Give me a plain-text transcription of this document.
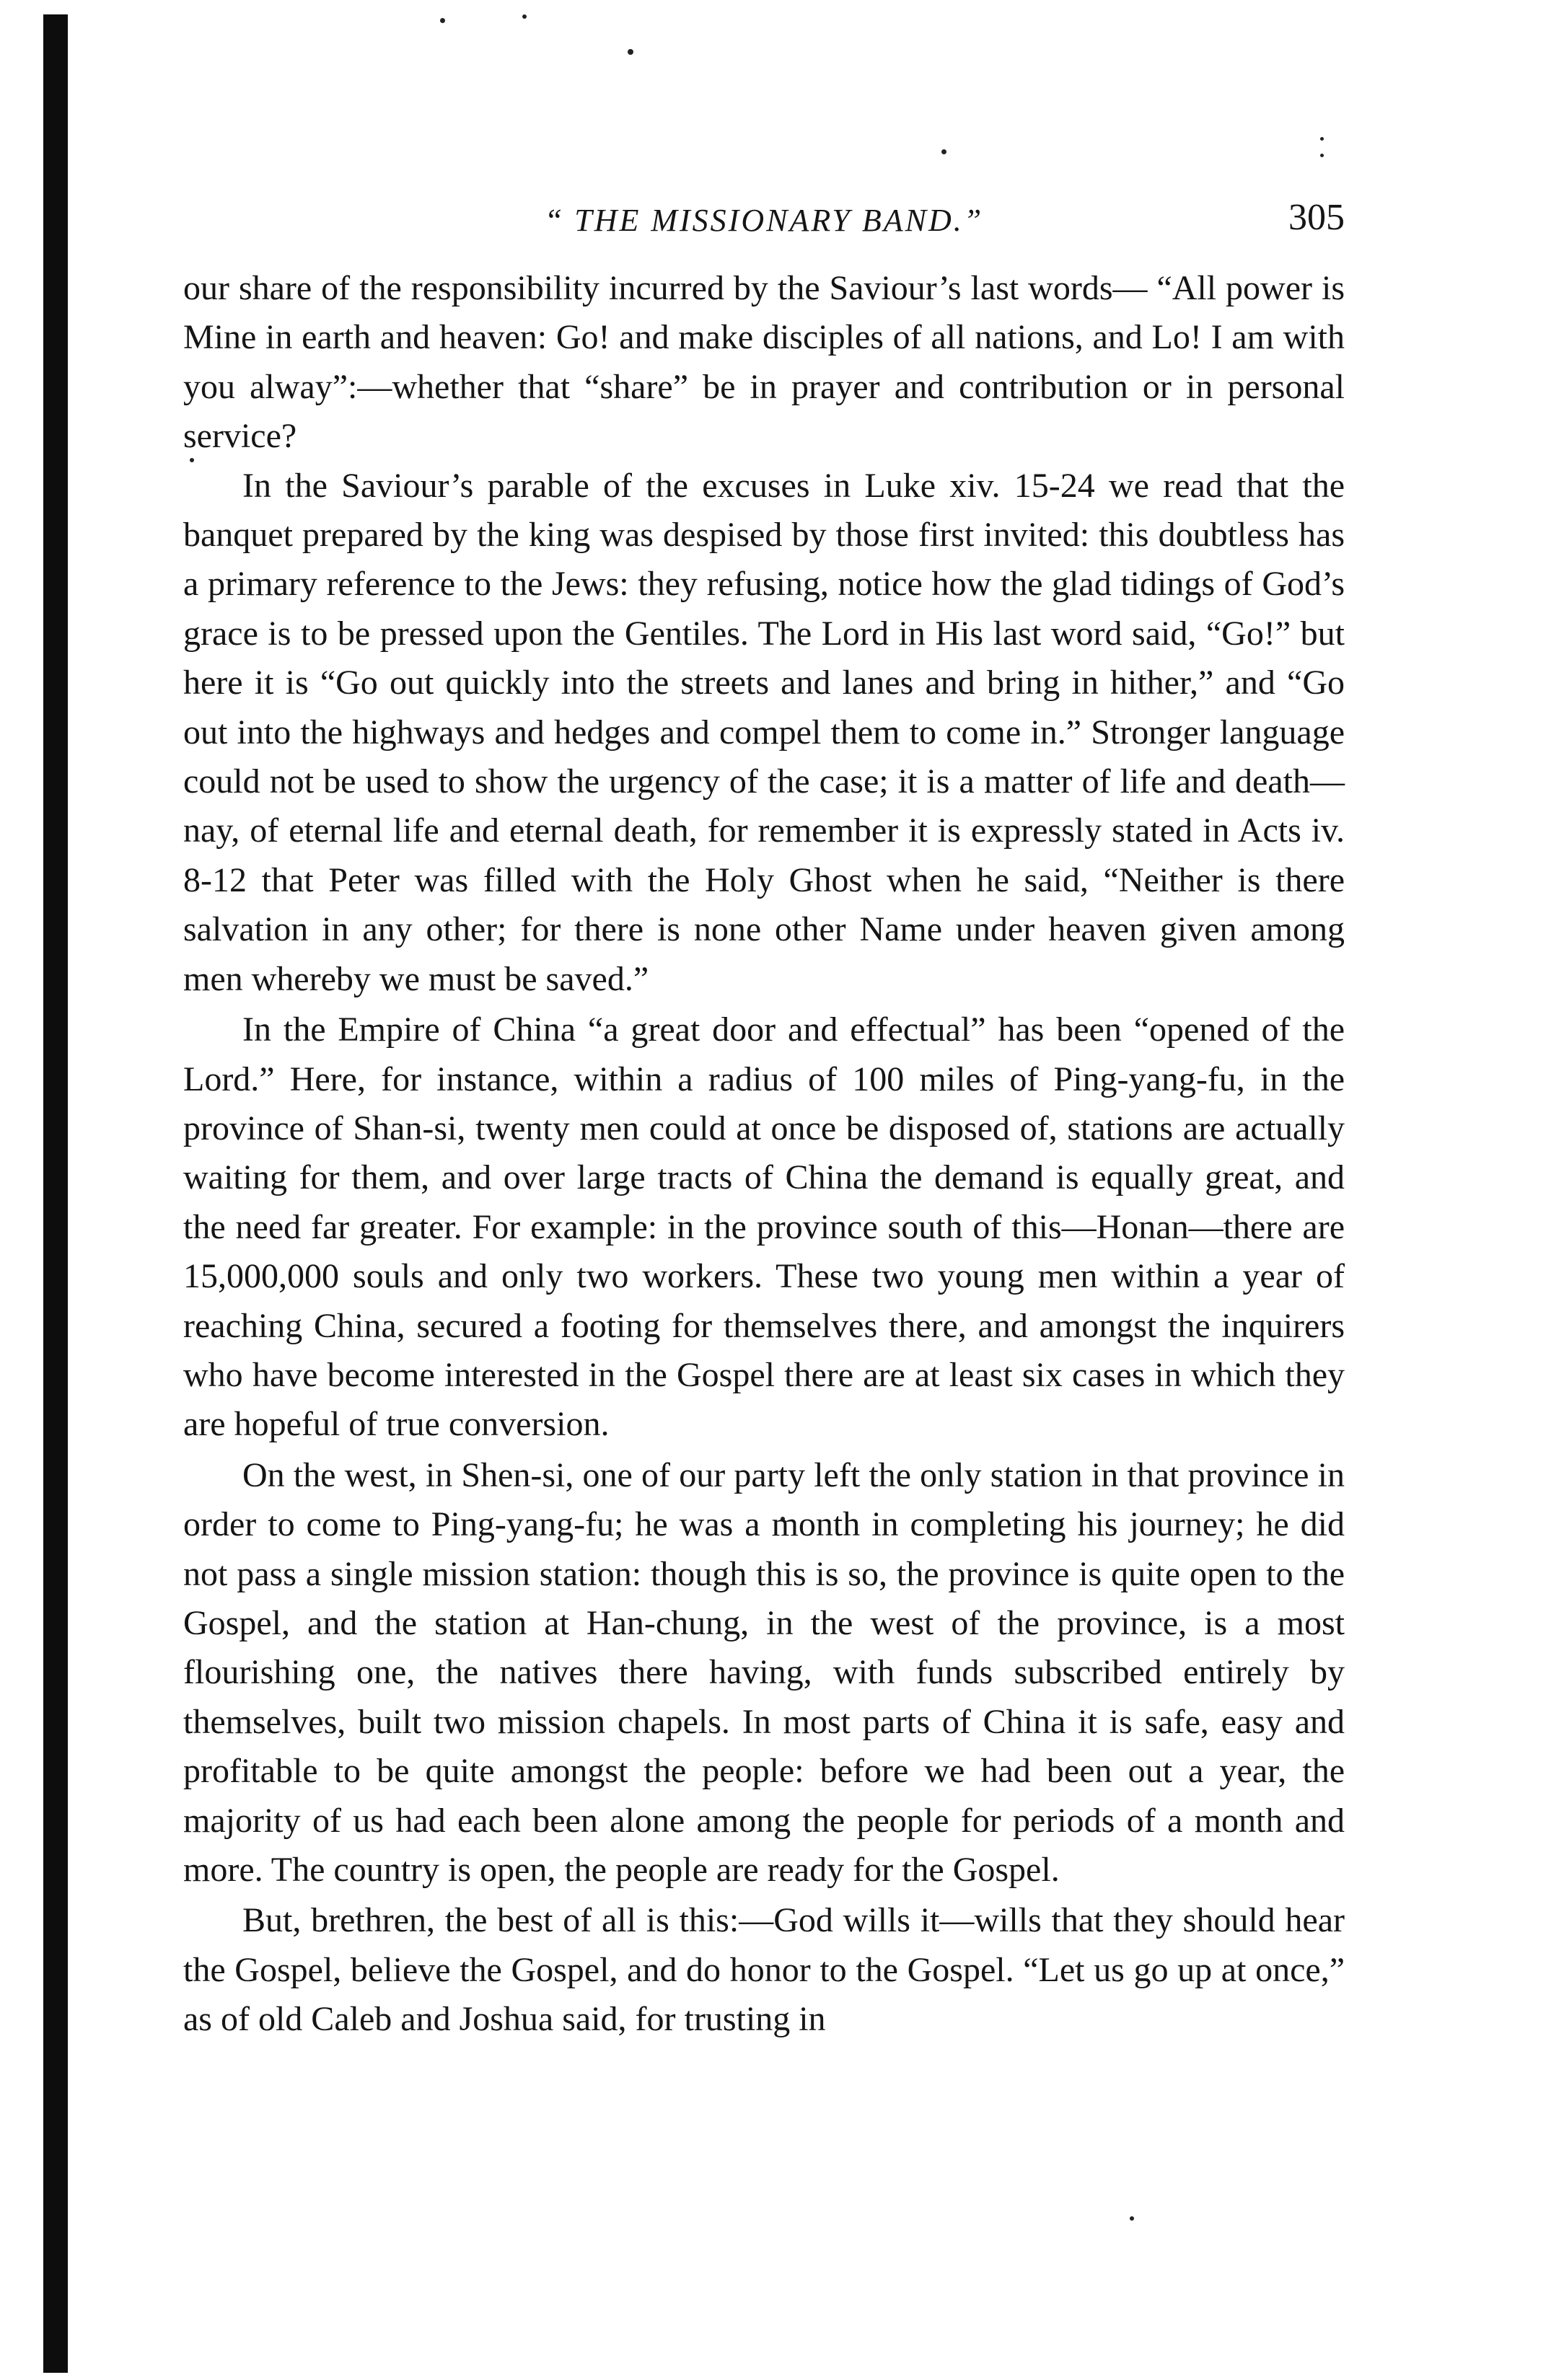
“ THE MISSIONARY BAND.”	305

our share of the responsibility incurred by the Saviour’s last words— “All power is Mine in earth and heaven: Go! and make disciples of all nations, and Lo! I am with you alway”:—whether that “share” be in prayer and contribution or in personal service?

In the Saviour’s parable of the excuses in Luke xiv. 15-24 we read that the banquet prepared by the king was despised by those first invited: this doubtless has a primary reference to the Jews: they refusing, notice how the glad tidings of God’s grace is to be pressed upon the Gentiles. The Lord in His last word said, “Go!” but here it is “Go out quickly into the streets and lanes and bring in hither,” and “Go out into the highways and hedges and compel them to come in.” Stronger language could not be used to show the urgency of the case; it is a matter of life and death—nay, of eternal life and eternal death, for remember it is expressly stated in Acts iv. 8-12 that Peter was filled with the Holy Ghost when he said, “Neither is there salvation in any other; for there is none other Name under heaven given among men whereby we must be saved.”

In the Empire of China “a great door and effectual” has been “opened of the Lord.” Here, for instance, within a radius of 100 miles of Ping-yang-fu, in the province of Shan-si, twenty men could at once be disposed of, stations are actually waiting for them, and over large tracts of China the demand is equally great, and the need far greater. For example: in the province south of this—Honan—there are 15,000,000 souls and only two workers. These two young men within a year of reaching China, secured a footing for themselves there, and amongst the inquirers who have become interested in the Gospel there are at least six cases in which they are hopeful of true conversion.

On the west, in Shen-si, one of our party left the only station in that province in order to come to Ping-yang-fu; he was a month in completing his journey; he did not pass a single mission station: though this is so, the province is quite open to the Gospel, and the station at Han-chung, in the west of the province, is a most flourishing one, the natives there having, with funds subscribed entirely by themselves, built two mission chapels. In most parts of China it is safe, easy and profitable to be quite amongst the people: before we had been out a year, the majority of us had each been alone among the people for periods of a month and more. The country is open, the people are ready for the Gospel.

But, brethren, the best of all is this:—God wills it—wills that they should hear the Gospel, believe the Gospel, and do honor to the Gospel. “Let us go up at once,” as of old Caleb and Joshua said, for trusting in
